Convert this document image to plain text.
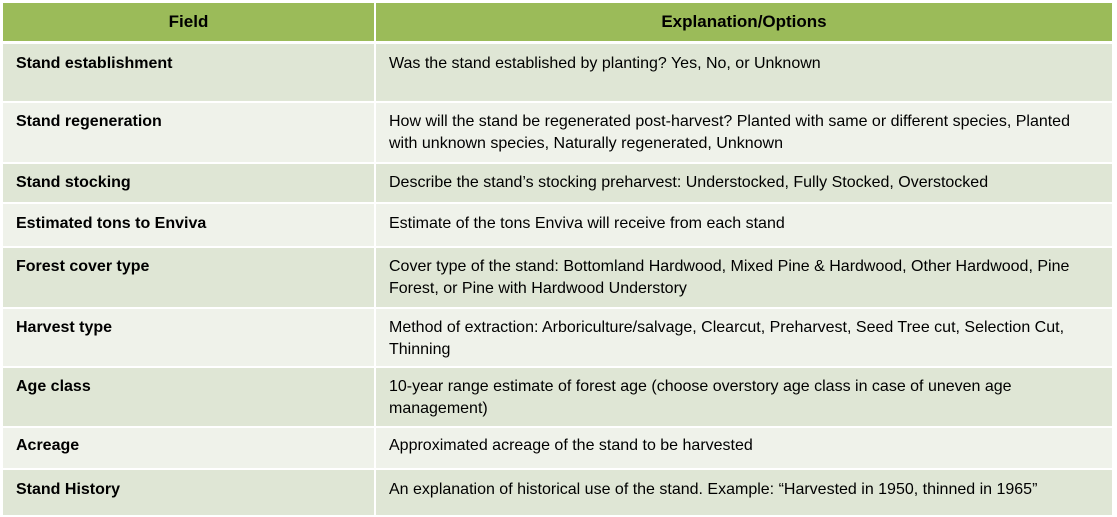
Field	Explanation/Options
Stand establishment	Was the stand established by planting? Yes, No, or Unknown
Stand regeneration	How will the stand be regenerated post-harvest? Planted with same or different species, Planted with unknown species, Naturally regenerated, Unknown
Stand stocking	Describe the stand’s stocking preharvest: Understocked, Fully Stocked, Overstocked
Estimated tons to Enviva	Estimate of the tons Enviva will receive from each stand
Forest cover type	Cover type of the stand: Bottomland Hardwood, Mixed Pine & Hardwood, Other Hardwood, Pine Forest, or Pine with Hardwood Understory
Harvest type	Method of extraction: Arboriculture/salvage, Clearcut, Preharvest, Seed Tree cut, Selection Cut, Thinning
Age class	10-year range estimate of forest age (choose overstory age class in case of uneven age management)
Acreage	Approximated acreage of the stand to be harvested
Stand History	An explanation of historical use of the stand. Example: “Harvested in 1950, thinned in 1965”
